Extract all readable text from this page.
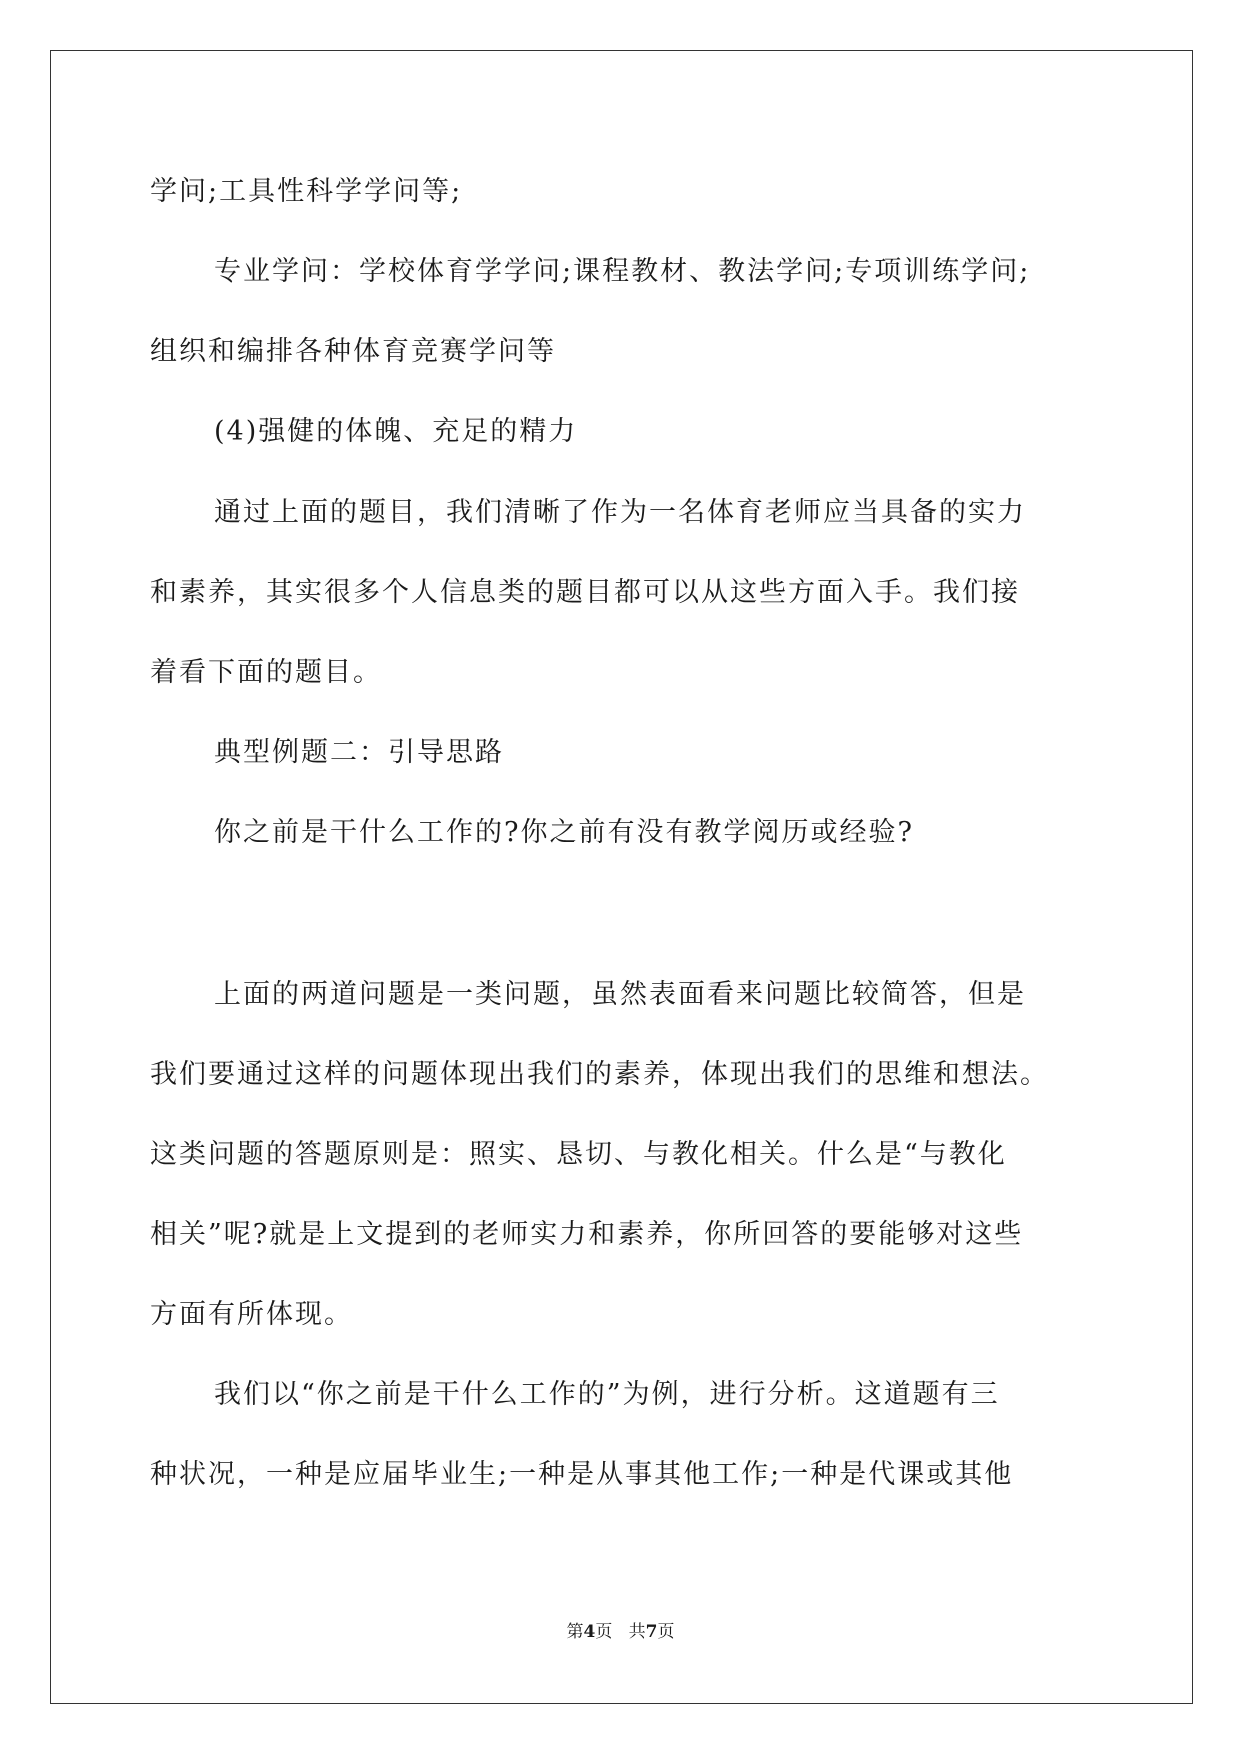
学问;工具性科学学问等;
专业学问：学校体育学学问;课程教材、教法学问;专项训练学问;
组织和编排各种体育竞赛学问等
(4)强健的体魄、充足的精力
通过上面的题目，我们清晰了作为一名体育老师应当具备的实力
和素养，其实很多个人信息类的题目都可以从这些方面入手。我们接
着看下面的题目。
典型例题二：引导思路
你之前是干什么工作的?你之前有没有教学阅历或经验?
上面的两道问题是一类问题，虽然表面看来问题比较简答，但是
我们要通过这样的问题体现出我们的素养，体现出我们的思维和想法。
这类问题的答题原则是：照实、恳切、与教化相关。什么是“与教化
相关”呢?就是上文提到的老师实力和素养，你所回答的要能够对这些
方面有所体现。
我们以“你之前是干什么工作的”为例，进行分析。这道题有三
种状况，一种是应届毕业生;一种是从事其他工作;一种是代课或其他
第4页 共7页
